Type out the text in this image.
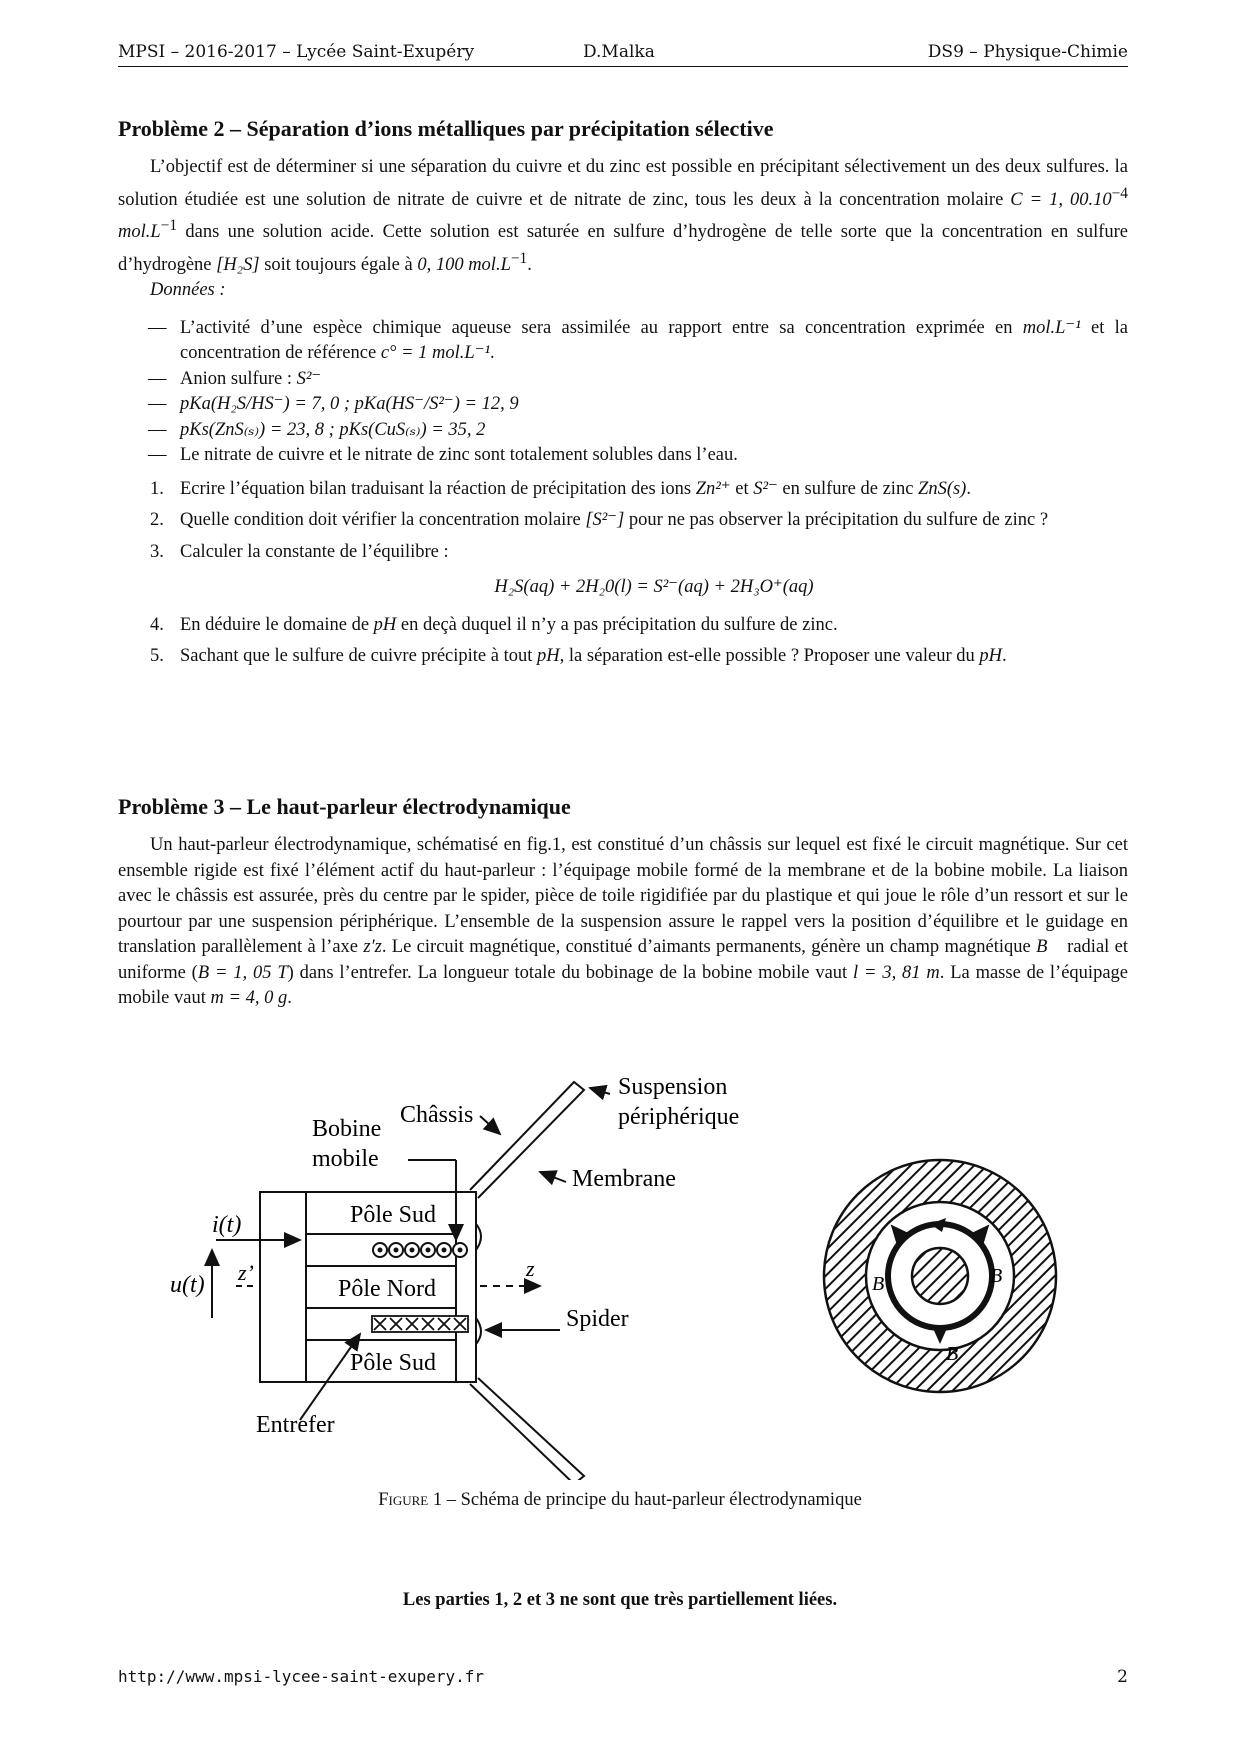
MPSI – 2016-2017 – Lycée Saint-Exupéry	D.Malka	DS9 – Physique-Chimie
Problème 2 – Séparation d’ions métalliques par précipitation sélective

L’objectif est de déterminer si une séparation du cuivre et du zinc est possible en précipitant sélectivement un des deux sulfures. la solution étudiée est une solution de nitrate de cuivre et de nitrate de zinc, tous les deux à la concentration molaire C = 1, $00.10^{-4}$ $mol.L^{-1}$ dans une solution acide. Cette solution est saturée en sulfure d’hydrogène de telle sorte que la concentration en sulfure d’hydrogène [H₂S] soit toujours égale à 0, 100 $mol.L^{-1}$.

Données :
— L’activité d’une espèce chimique aqueuse sera assimilée au rapport entre sa concentration exprimée en mol.L⁻¹ et la concentration de référence c° = 1 mol.L⁻¹.
— Anion sulfure : S²⁻
— pKa(H₂S/HS⁻) = 7, 0 ; pKa(HS⁻/S²⁻) = 12, 9
— pKs(ZnS₍ₛ₎) = 23, 8 ; pKs(CuS₍ₛ₎) = 35, 2
— Le nitrate de cuivre et le nitrate de zinc sont totalement solubles dans l’eau.
1. Ecrire l’équation bilan traduisant la réaction de précipitation des ions Zn²⁺ et S²⁻ en sulfure de zinc ZnS(s).
2. Quelle condition doit vérifier la concentration molaire [S²⁻] pour ne pas observer la précipitation du sulfure de zinc ?
3. Calculer la constante de l’équilibre :
H₂S(aq) + 2H₂0(l) = S²⁻(aq) + 2H₃O⁺(aq)
4. En déduire le domaine de pH en deçà duquel il n’y a pas précipitation du sulfure de zinc.
5. Sachant que le sulfure de cuivre précipite à tout pH, la séparation est-elle possible ? Proposer une valeur du pH.
Problème 3 – Le haut-parleur électrodynamique

Un haut-parleur électrodynamique, schématisé en fig.1, est constitué d’un châssis sur lequel est fixé le circuit magnétique. Sur cet ensemble rigide est fixé l’élément actif du haut-parleur : l’équipage mobile formé de la membrane et de la bobine mobile. La liaison avec le châssis est assurée, près du centre par le spider, pièce de toile rigidifiée par du plastique et qui joue le rôle d’un ressort et sur le pourtour par une suspension périphérique. L’ensemble de la suspension assure le rappel vers la position d’équilibre et le guidage en translation parallèlement à l’axe z′z. Le circuit magnétique, constitué d’aimants permanents, génère un champ magnétique B⃗ radial et uniforme (B = 1, 05 T) dans l’entrefer. La longueur totale du bobinage de la bobine mobile vaut l = 3, 81 m. La masse de l’équipage mobile vaut m = 4, 0 g.

Suspension
périphérique
Châssis
Bobine
mobile
Membrane
Pôle Sud
Pôle Nord
Pôle Sud
Spider
Entrefer
i(t)
u(t) z’	z
B	B
B
Figure 1 – Schéma de principe du haut-parleur électrodynamique
Les parties 1, 2 et 3 ne sont que très partiellement liées.
http://www.mpsi-lycee-saint-exupery.fr	2
